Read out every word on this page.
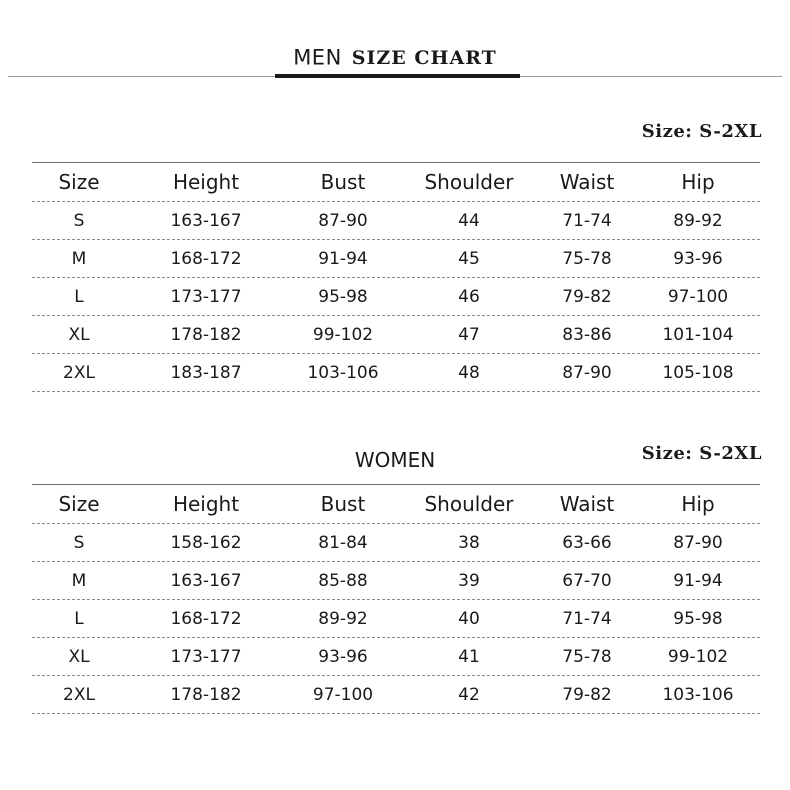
MEN SIZE CHART
Size: S-2XL
Size	Height	Bust	Shoulder	Waist	Hip
S	163-167	87-90	44	71-74	89-92
M	168-172	91-94	45	75-78	93-96
L	173-177	95-98	46	79-82	97-100
XL	178-182	99-102	47	83-86	101-104
2XL	183-187	103-106	48	87-90	105-108
WOMEN	Size: S-2XL
Size	Height	Bust	Shoulder	Waist	Hip
S	158-162	81-84	38	63-66	87-90
M	163-167	85-88	39	67-70	91-94
L	168-172	89-92	40	71-74	95-98
XL	173-177	93-96	41	75-78	99-102
2XL	178-182	97-100	42	79-82	103-106
